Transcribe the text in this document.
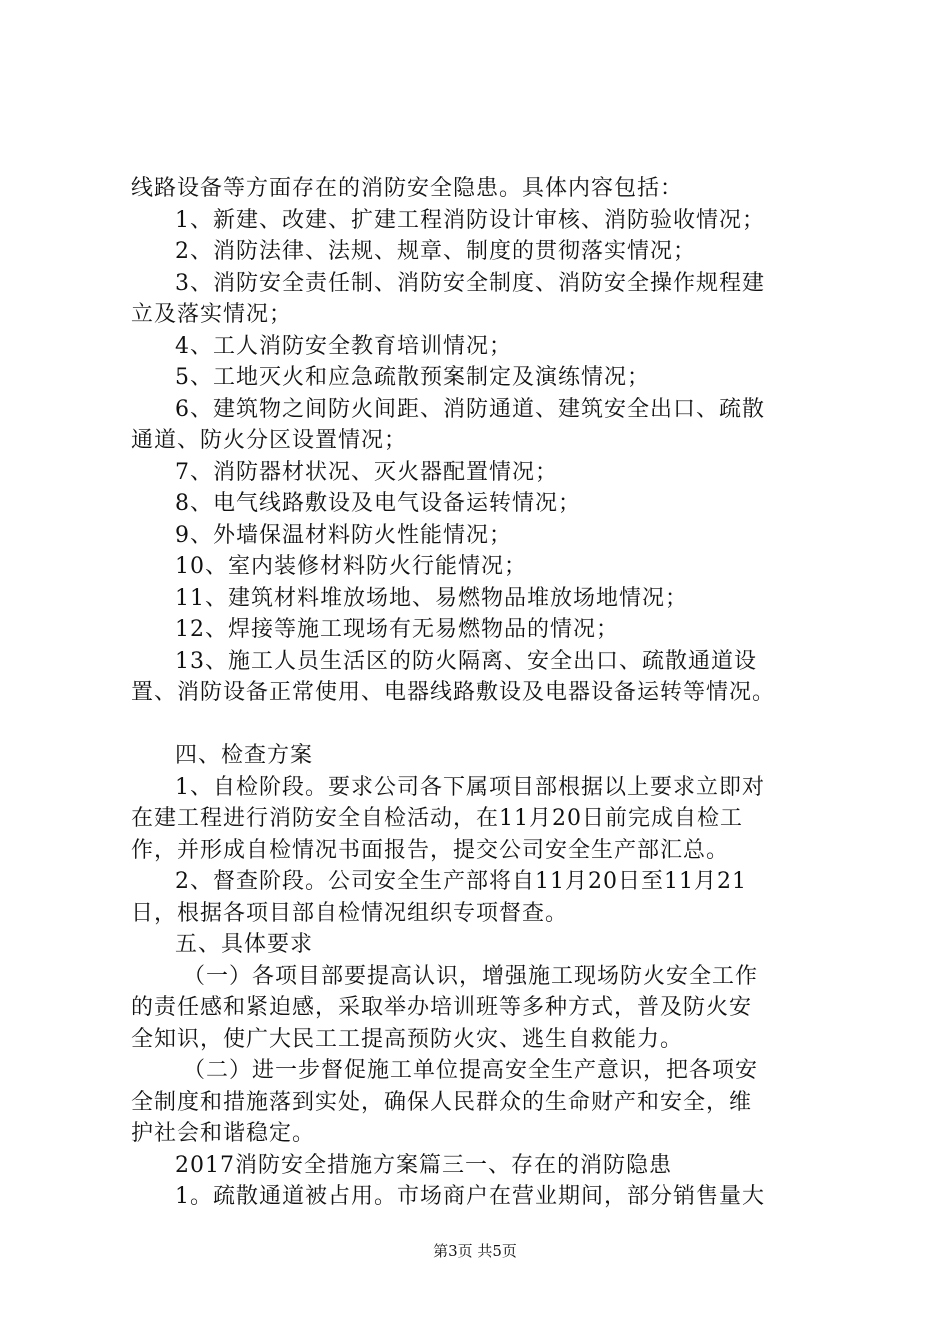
线路设备等方面存在的消防安全隐患。具体内容包括：
1、新建、改建、扩建工程消防设计审核、消防验收情况；
2、消防法律、法规、规章、制度的贯彻落实情况；
3、消防安全责任制、消防安全制度、消防安全操作规程建
立及落实情况；
4、工人消防安全教育培训情况；
5、工地灭火和应急疏散预案制定及演练情况；
6、建筑物之间防火间距、消防通道、建筑安全出口、疏散
通道、防火分区设置情况；
7、消防器材状况、灭火器配置情况；
8、电气线路敷设及电气设备运转情况；
9、外墙保温材料防火性能情况；
10、室内装修材料防火行能情况；
11、建筑材料堆放场地、易燃物品堆放场地情况；
12、焊接等施工现场有无易燃物品的情况；
13、施工人员生活区的防火隔离、安全出口、疏散通道设
置、消防设备正常使用、电器线路敷设及电器设备运转等情况。
四、检查方案
1、自检阶段。要求公司各下属项目部根据以上要求立即对
在建工程进行消防安全自检活动，在11月20日前完成自检工
作，并形成自检情况书面报告，提交公司安全生产部汇总。
2、督查阶段。公司安全生产部将自11月20日至11月21
日，根据各项目部自检情况组织专项督查。
五、具体要求
（一）各项目部要提高认识，增强施工现场防火安全工作
的责任感和紧迫感，采取举办培训班等多种方式，普及防火安
全知识，使广大民工工提高预防火灾、逃生自救能力。
（二）进一步督促施工单位提高安全生产意识，把各项安
全制度和措施落到实处，确保人民群众的生命财产和安全，维
护社会和谐稳定。
2017消防安全措施方案篇三一、存在的消防隐患
1。疏散通道被占用。市场商户在营业期间，部分销售量大
第3页 共5页
